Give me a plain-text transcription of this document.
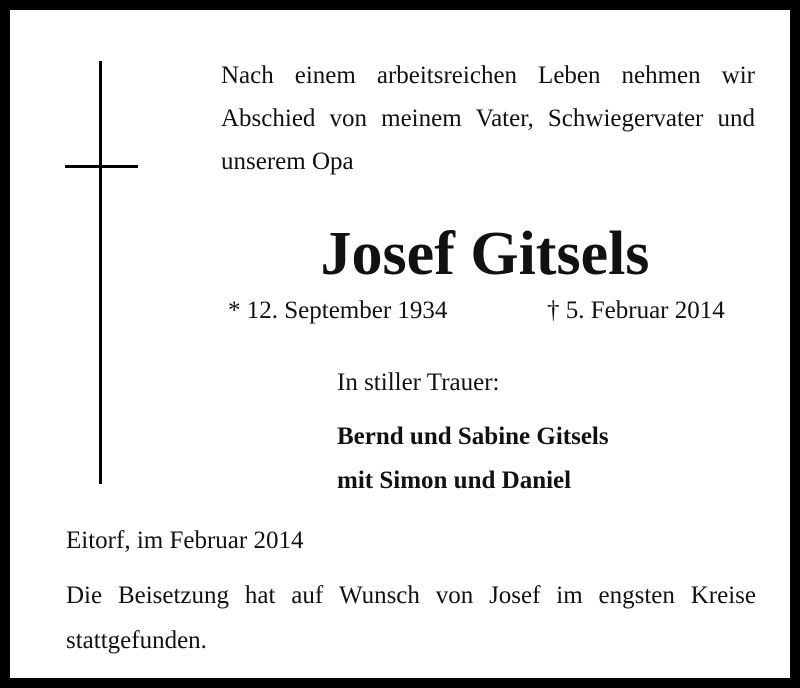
Nach einem arbeitsreichen Leben nehmen wir
Abschied von meinem Vater, Schwiegervater und
unserem Opa
Josef Gitsels
* 12. September 1934	† 5. Februar 2014
In stiller Trauer:
Bernd und Sabine Gitsels
mit Simon und Daniel
Eitorf, im Februar 2014
Die Beisetzung hat auf Wunsch von Josef im engsten Kreise
stattgefunden.
